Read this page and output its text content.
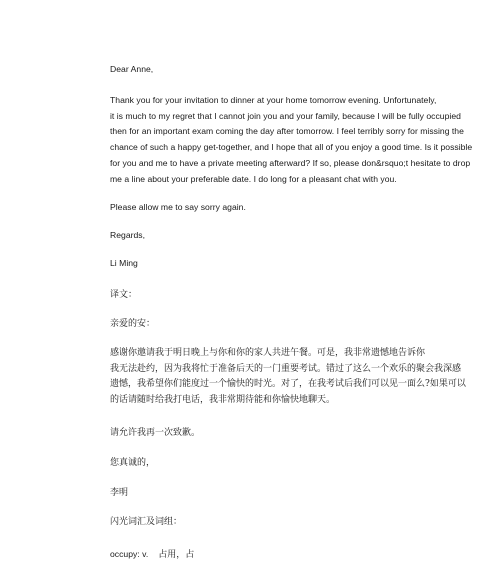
Dear Anne,

Thank you for your invitation to dinner at your home tomorrow evening. Unfortunately,
it is much to my regret that I cannot join you and your family, because I will be fully occupied
then for an important exam coming the day after tomorrow. I feel terribly sorry for missing the
chance of such a happy get-together, and I hope that all of you enjoy a good time. Is it possible
for you and me to have a private meeting afterward? If so, please don&rsquo;t hesitate to drop
me a line about your preferable date. I do long for a pleasant chat with you.

Please allow me to say sorry again.

Regards,

Li Ming

译文：

亲爱的安：

感谢你邀请我于明日晚上与你和你的家人共进午餐。可是，我非常遗憾地告诉你
我无法赴约，因为我将忙于准备后天的一门重要考试。错过了这么一个欢乐的聚会我深感
遗憾，我希望你们能度过一个愉快的时光。对了，在我考试后我们可以见一面么?如果可以
的话请随时给我打电话，我非常期待能和你愉快地聊天。

请允许我再一次致歉。

您真诚的，

李明

闪光词汇及词组：

occupy: v. 占用，占
